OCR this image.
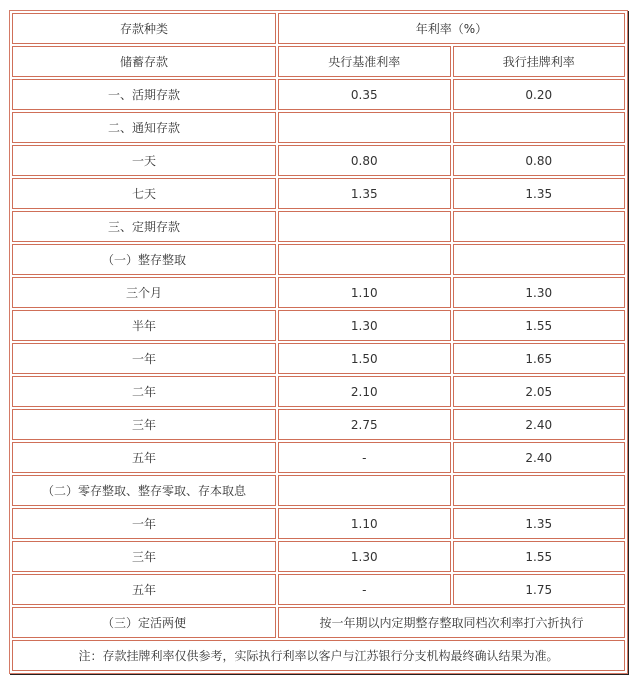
存款种类	年利率（%）	
储蓄存款	央行基准利率	我行挂牌利率
一、活期存款	0.35	0.20
二、通知存款		
一天	0.80	0.80
七天	1.35	1.35
三、定期存款		
（一）整存整取		
三个月	1.10	1.30
半年	1.30	1.55
一年	1.50	1.65
二年	2.10	2.05
三年	2.75	2.40
五年	-	2.40
（二）零存整取、整存零取、存本取息		
一年	1.10	1.35
三年	1.30	1.55
五年	-	1.75
（三）定活两便	按一年期以内定期整存整取同档次利率打六折执行	
注：存款挂牌利率仅供参考，实际执行利率以客户与江苏银行分支机构最终确认结果为准。		
